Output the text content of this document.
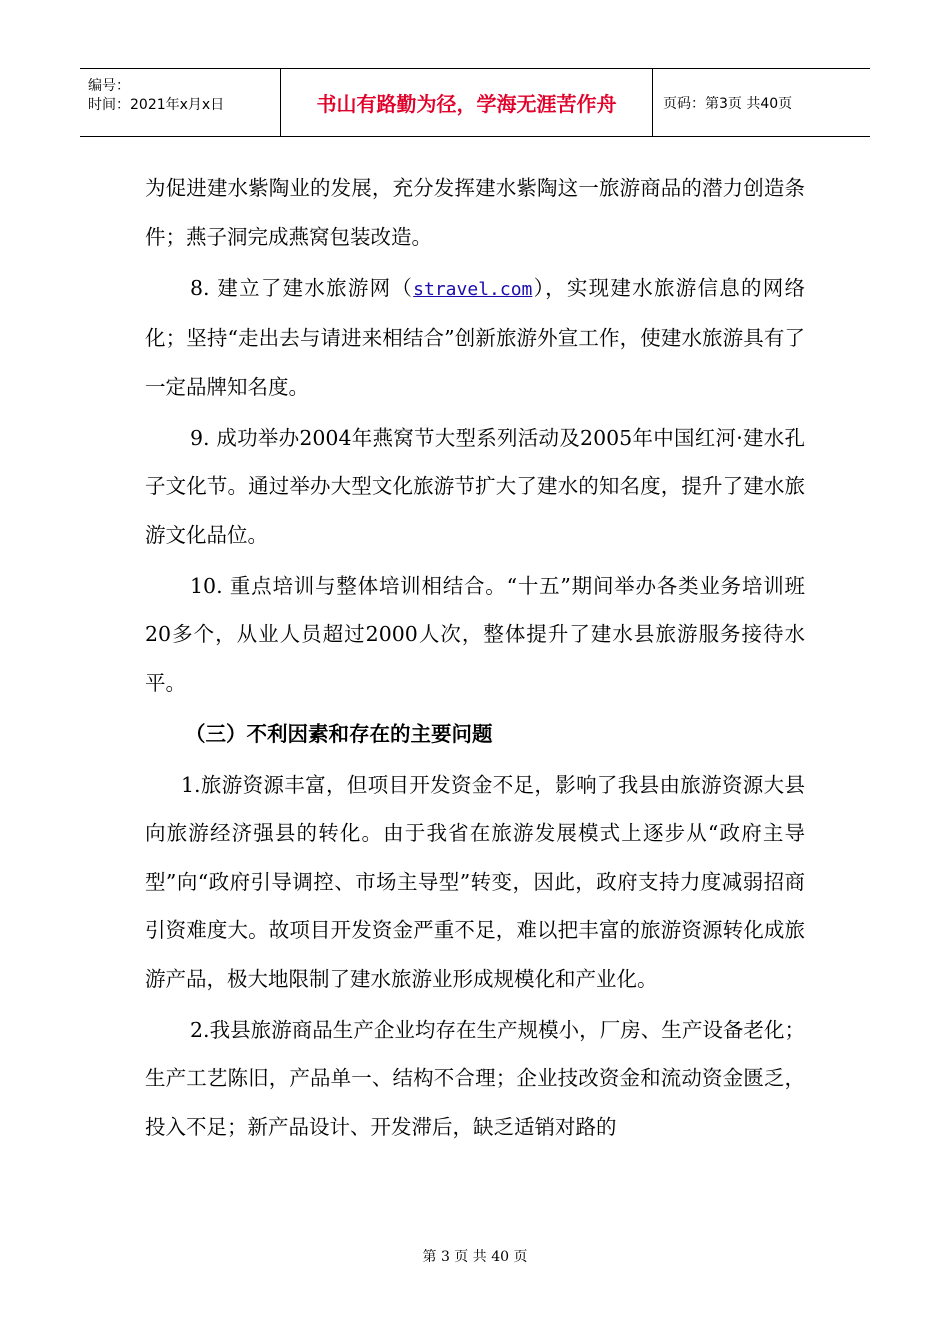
编号：
时间：2021年x月x日	书山有路勤为径，学海无涯苦作舟	页码：第3页 共40页

为促进建水紫陶业的发展，充分发挥建水紫陶这一旅游商品的潜力创造条件；燕子洞完成燕窝包装改造。

8. 建立了建水旅游网（stravel.com），实现建水旅游信息的网络化；坚持“走出去与请进来相结合”创新旅游外宣工作，使建水旅游具有了一定品牌知名度。

9. 成功举办2004年燕窝节大型系列活动及2005年中国红河·建水孔子文化节。通过举办大型文化旅游节扩大了建水的知名度，提升了建水旅游文化品位。

10. 重点培训与整体培训相结合。“十五”期间举办各类业务培训班20多个，从业人员超过2000人次，整体提升了建水县旅游服务接待水平。

（三）不利因素和存在的主要问题

1.旅游资源丰富，但项目开发资金不足，影响了我县由旅游资源大县向旅游经济强县的转化。由于我省在旅游发展模式上逐步从“政府主导型”向“政府引导调控、市场主导型”转变，因此，政府支持力度减弱招商引资难度大。故项目开发资金严重不足，难以把丰富的旅游资源转化成旅游产品，极大地限制了建水旅游业形成规模化和产业化。

2.我县旅游商品生产企业均存在生产规模小，厂房、生产设备老化；生产工艺陈旧，产品单一、结构不合理；企业技改资金和流动资金匮乏，投入不足；新产品设计、开发滞后，缺乏适销对路的

第 3 页 共 40 页
